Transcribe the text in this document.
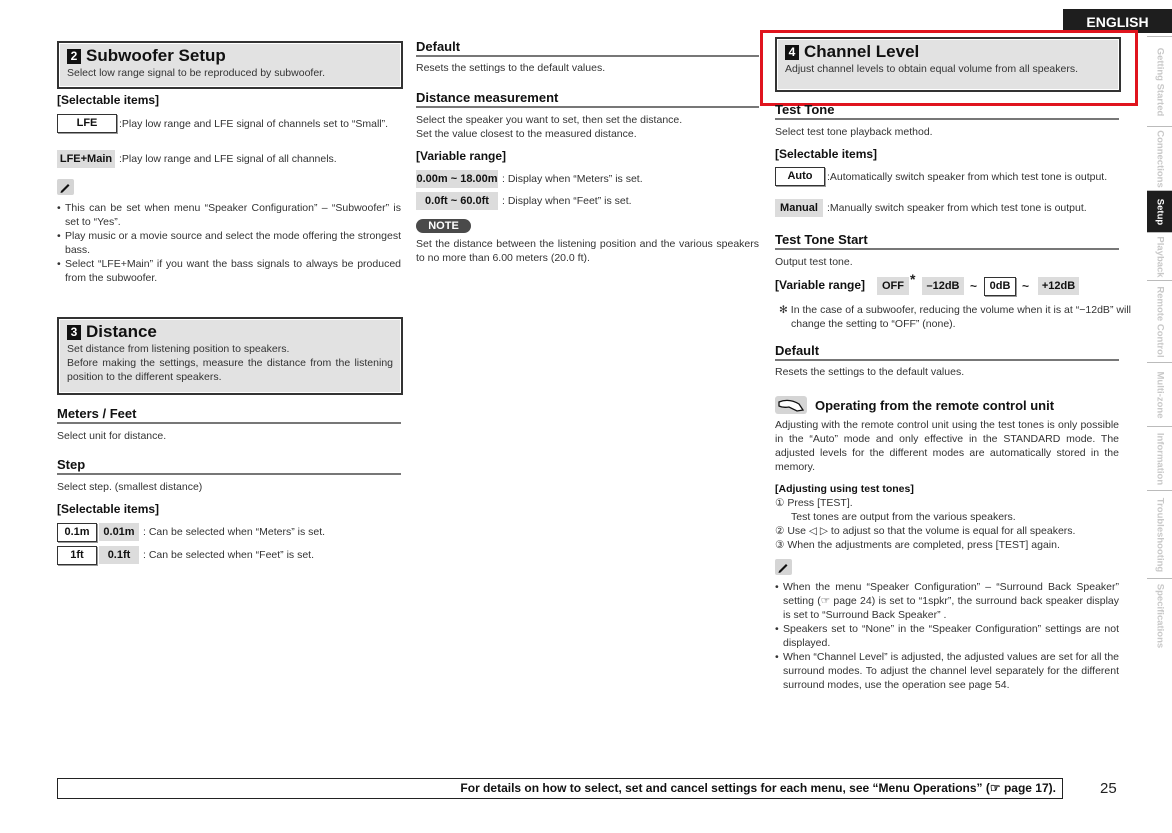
ENGLISH
Getting Started
Connections
Setup
Playback
Remote Control
Multi-zone
Information
Troubleshooting
Specifications
2 Subwoofer Setup
Select low range signal to be reproduced by subwoofer.
[Selectable items]
LFE	:Play low range and LFE signal of channels set to “Small”.
LFE+Main :Play low range and LFE signal of all channels.
• This can be set when menu “Speaker Configuration” – “Subwoofer” is set to “Yes”.
• Play music or a movie source and select the mode offering the strongest bass.
• Select “LFE+Main” if you want the bass signals to always be produced from the subwoofer.
3 Distance
Set distance from listening position to speakers.
Before making the settings, measure the distance from the listening position to the different speakers.
Meters / Feet
Select unit for distance.
Step
Select step. (smallest distance)
[Selectable items]
0.1m	0.01m : Can be selected when “Meters” is set.
1ft	0.1ft	: Can be selected when “Feet” is set.
Default
Resets the settings to the default values.
Distance measurement
Select the speaker you want to set, then set the distance.
Set the value closest to the measured distance.
[Variable range]
0.00m ~ 18.00m : Display when “Meters” is set.
0.0ft ~ 60.0ft	: Display when “Feet” is set.
NOTE
Set the distance between the listening position and the various speakers to no more than 6.00 meters (20.0 ft).
4 Channel Level
Adjust channel levels to obtain equal volume from all speakers.
Test Tone
Select test tone playback method.
[Selectable items]
Auto	:Automatically switch speaker from which test tone is output.
Manual :Manually switch speaker from which test tone is output.
Test Tone Start
Output test tone.
[Variable range]	OFF *	–12dB ~	0dB ~	+12dB
✻ In the case of a subwoofer, reducing the volume when it is at “−12dB” will change the setting to “OFF” (none).
Default
Resets the settings to the default values.
Operating from the remote control unit
Adjusting with the remote control unit using the test tones is only possible in the “Auto” mode and only effective in the STANDARD mode. The adjusted levels for the different modes are automatically stored in the memory.
[Adjusting using test tones]
① Press [TEST].
Test tones are output from the various speakers.
② Use ◁ ▷ to adjust so that the volume is equal for all speakers.
③ When the adjustments are completed, press [TEST] again.
• When the menu “Speaker Configuration” – “Surround Back Speaker” setting (☞ page 24) is set to “1spkr”, the surround back speaker display is set to “Surround Back Speaker” .
• Speakers set to “None” in the “Speaker Configuration” settings are not displayed.
• When “Channel Level” is adjusted, the adjusted values are set for all the surround modes. To adjust the channel level separately for the different surround modes, use the operation see page 54.
For details on how to select, set and cancel settings for each menu, see “Menu Operations” (☞ page 17).	25
